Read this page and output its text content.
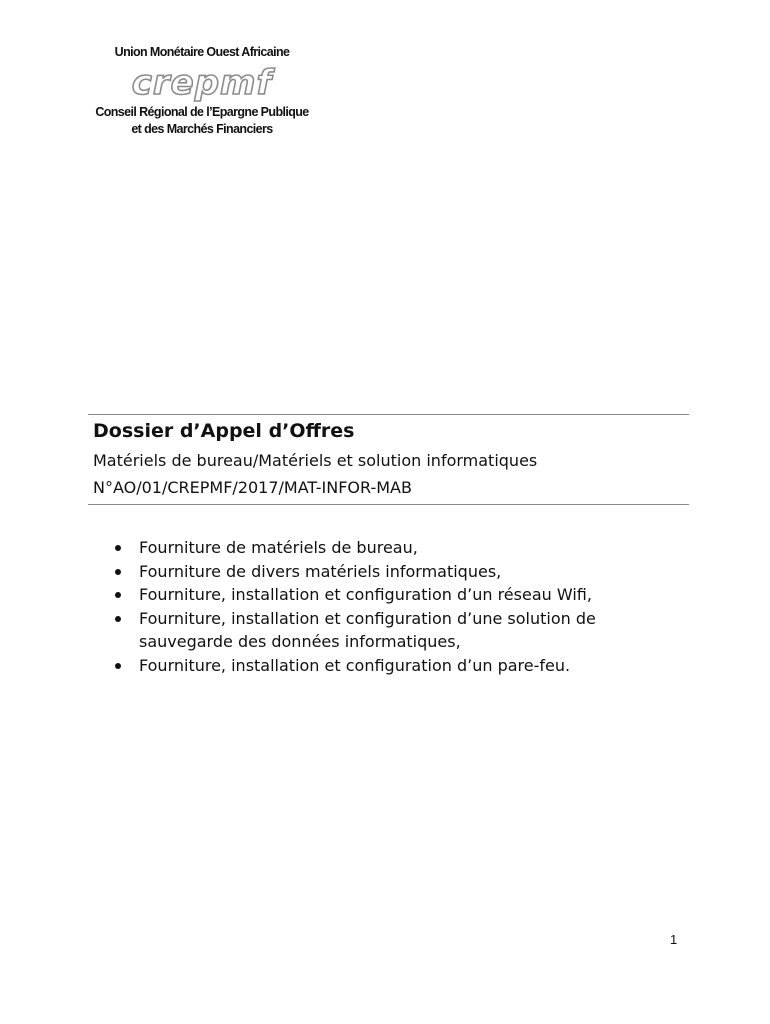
Union Monétaire Ouest Africaine
crepmf
Conseil Régional de l’Epargne Publique
et des Marchés Financiers
Dossier d’Appel d’Offres
Matériels de bureau/Matériels et solution informatiques
N°AO/01/CREPMF/2017/MAT-INFOR-MAB
Fourniture de matériels de bureau,
Fourniture de divers matériels informatiques,
Fourniture, installation et configuration d’un réseau Wifi,
Fourniture, installation et configuration d’une solution de sauvegarde des données informatiques,
Fourniture, installation et configuration d’un pare-feu.
1
